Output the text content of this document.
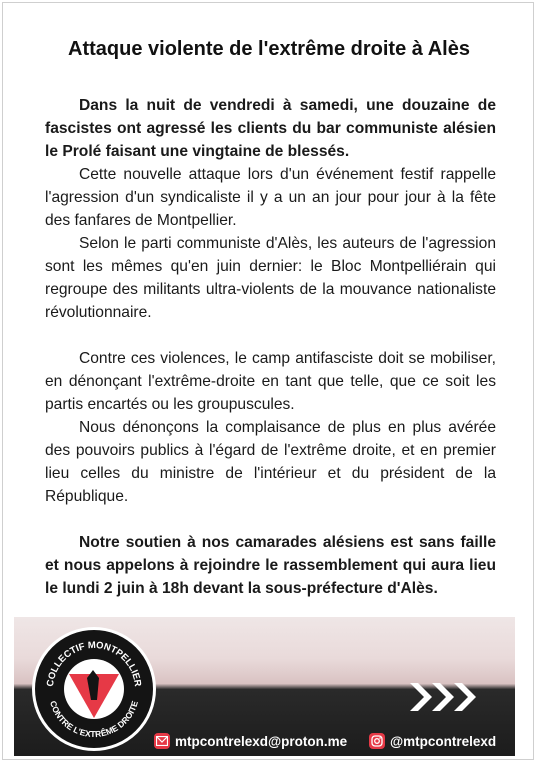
Attaque violente de l'extrême droite à Alès

Dans la nuit de vendredi à samedi, une douzaine de fascistes ont agressé les clients du bar communiste alésien le Prolé faisant une vingtaine de blessés.

Cette nouvelle attaque lors d'un événement festif rappelle l'agression d'un syndicaliste il y a un an jour pour jour à la fête des fanfares de Montpellier.

Selon le parti communiste d'Alès, les auteurs de l'agression sont les mêmes qu'en juin dernier: le Bloc Montpelliérain qui regroupe des militants ultra-violents de la mouvance nationaliste révolutionnaire.

Contre ces violences, le camp antifasciste doit se mobiliser, en dénonçant l'extrême-droite en tant que telle, que ce soit les partis encartés ou les groupuscules.

Nous dénonçons la complaisance de plus en plus avérée des pouvoirs publics à l'égard de l'extrême droite, et en premier lieu celles du ministre de l'intérieur et du président de la République.

Notre soutien à nos camarades alésiens est sans faille et nous appelons à rejoindre le rassemblement qui aura lieu le lundi 2 juin à 18h devant la sous-préfecture d'Alès.

COLLECTIF MONTPELLIER
CONTRE L'EXTRÊME DROITE
mtpcontrelexd@proton.me	@mtpcontrelexd
